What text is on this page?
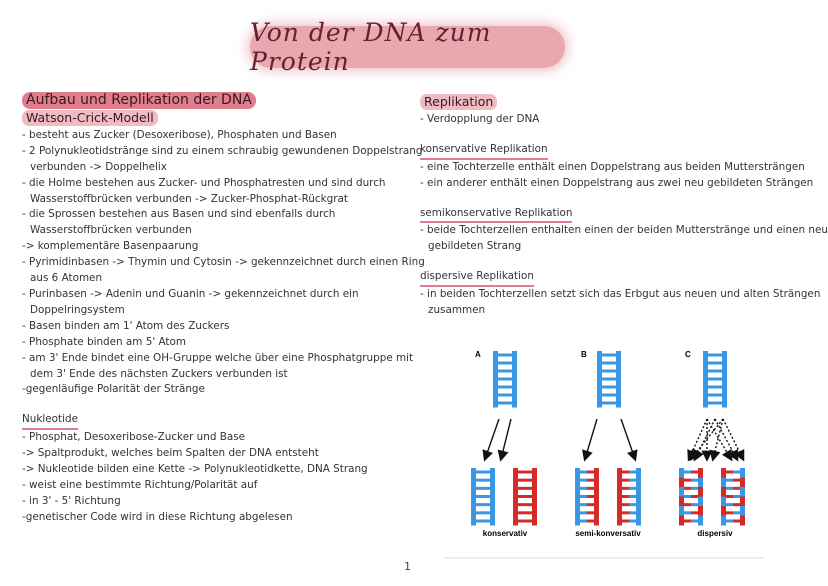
Von der DNA zum Protein
Aufbau und Replikation der DNA
Watson-Crick-Modell
- besteht aus Zucker (Desoxeribose), Phosphaten und Basen
- 2 Polynukleotidstränge sind zu einem schraubig gewundenen Doppelstrang
verbunden -> Doppelhelix
- die Holme bestehen aus Zucker- und Phosphatresten und sind durch
Wasserstoffbrücken verbunden -> Zucker-Phosphat-Rückgrat
- die Sprossen bestehen aus Basen und sind ebenfalls durch
Wasserstoffbrücken verbunden
-> komplementäre Basenpaarung
- Pyrimidinbasen -> Thymin und Cytosin -> gekennzeichnet durch einen Ring
aus 6 Atomen
- Purinbasen -> Adenin und Guanin -> gekennzeichnet durch ein
Doppelringsystem
- Basen binden am 1' Atom des Zuckers
- Phosphate binden am 5' Atom
- am 3' Ende bindet eine OH-Gruppe welche über eine Phosphatgruppe mit
dem 3' Ende des nächsten Zuckers verbunden ist
-gegenläufige Polarität der Stränge
Nukleotide
- Phosphat, Desoxeribose-Zucker und Base
-> Spaltprodukt, welches beim Spalten der DNA entsteht
-> Nukleotide bilden eine Kette -> Polynukleotidkette, DNA Strang
- weist eine bestimmte Richtung/Polarität auf
- in 3' - 5' Richtung
-genetischer Code wird in diese Richtung abgelesen
Replikation
- Verdopplung der DNA
konservative Replikation
- eine Tochterzelle enthält einen Doppelstrang aus beiden Muttersträngen
- ein anderer enthält einen Doppelstrang aus zwei neu gebildeten Strängen
semikonservative Replikation
- beide Tochterzellen enthalten einen der beiden Mutterstränge und einen neu
gebildeten Strang
dispersive Replikation
- in beiden Tochterzellen setzt sich das Erbgut aus neuen und alten Strängen
zusammen
A	B	C
konservativ	semi-konversativ	dispersiv
1
